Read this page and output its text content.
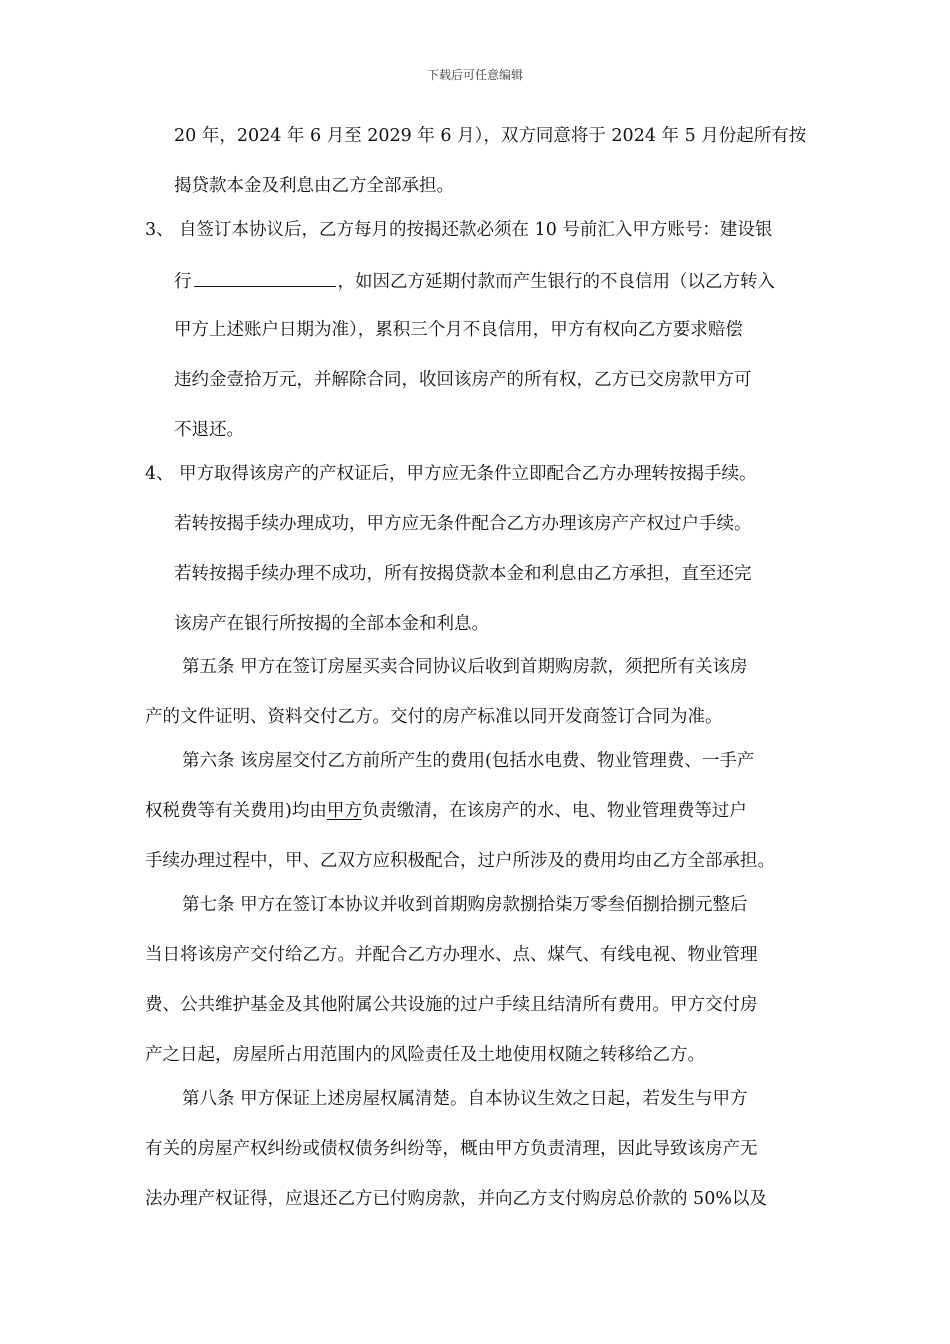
下载后可任意编辑
20 年，2024 年 6 月至 2029 年 6 月），双方同意将于 2024 年 5 月份起所有按
揭贷款本金及利息由乙方全部承担。
3、 自签订本协议后，乙方每月的按揭还款必须在 10 号前汇入甲方账号：建设银
行	，如因乙方延期付款而产生银行的不良信用（以乙方转入
甲方上述账户日期为准），累积三个月不良信用，甲方有权向乙方要求赔偿
违约金壹拾万元，并解除合同，收回该房产的所有权，乙方已交房款甲方可
不退还。
4、 甲方取得该房产的产权证后，甲方应无条件立即配合乙方办理转按揭手续。
若转按揭手续办理成功，甲方应无条件配合乙方办理该房产产权过户手续。
若转按揭手续办理不成功，所有按揭贷款本金和利息由乙方承担，直至还完
该房产在银行所按揭的全部本金和利息。
第五条 甲方在签订房屋买卖合同协议后收到首期购房款，须把所有关该房
产的文件证明、资料交付乙方。交付的房产标准以同开发商签订合同为准。
第六条 该房屋交付乙方前所产生的费用(包括水电费、物业管理费、一手产
权税费等有关费用)均由甲方负责缴清，在该房产的水、电、物业管理费等过户
手续办理过程中，甲、乙双方应积极配合，过户所涉及的费用均由乙方全部承担。
第七条 甲方在签订本协议并收到首期购房款捌拾柒万零叁佰捌拾捌元整后
当日将该房产交付给乙方。并配合乙方办理水、点、煤气、有线电视、物业管理
费、公共维护基金及其他附属公共设施的过户手续且结清所有费用。甲方交付房
产之日起，房屋所占用范围内的风险责任及土地使用权随之转移给乙方。
第八条 甲方保证上述房屋权属清楚。自本协议生效之日起，若发生与甲方
有关的房屋产权纠纷或债权债务纠纷等，概由甲方负责清理，因此导致该房产无
法办理产权证得，应退还乙方已付购房款，并向乙方支付购房总价款的 50%以及
